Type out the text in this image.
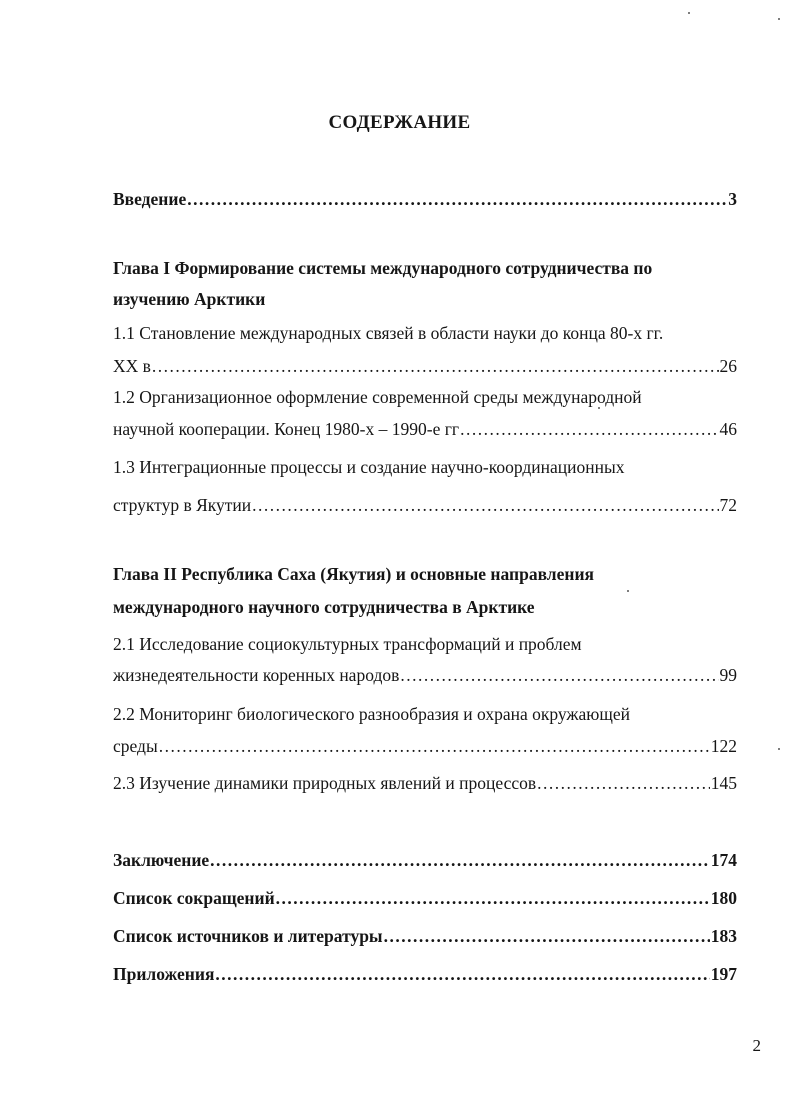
СОДЕРЖАНИЕ
Введение .....	3
Глава I Формирование системы международного сотрудничества по
изучению Арктики
1.1 Становление международных связей в области науки до конца 80-х гг.
XX в .....	26
1.2 Организационное оформление современной среды международной
научной кооперации. Конец 1980-х – 1990-е гг .....	46
1.3 Интеграционные процессы и создание научно-координационных
структур в Якутии .....	72
Глава II Республика Саха (Якутия) и основные направления
международного научного сотрудничества в Арктике
2.1 Исследование социокультурных трансформаций и проблем
жизнедеятельности коренных народов .....	99
2.2 Мониторинг биологического разнообразия и охрана окружающей
среды .....	122
2.3 Изучение динамики природных явлений и процессов .....	145
Заключение .....	174
Список сокращений .....	180
Список источников и литературы .....	183
Приложения .....	197
2
